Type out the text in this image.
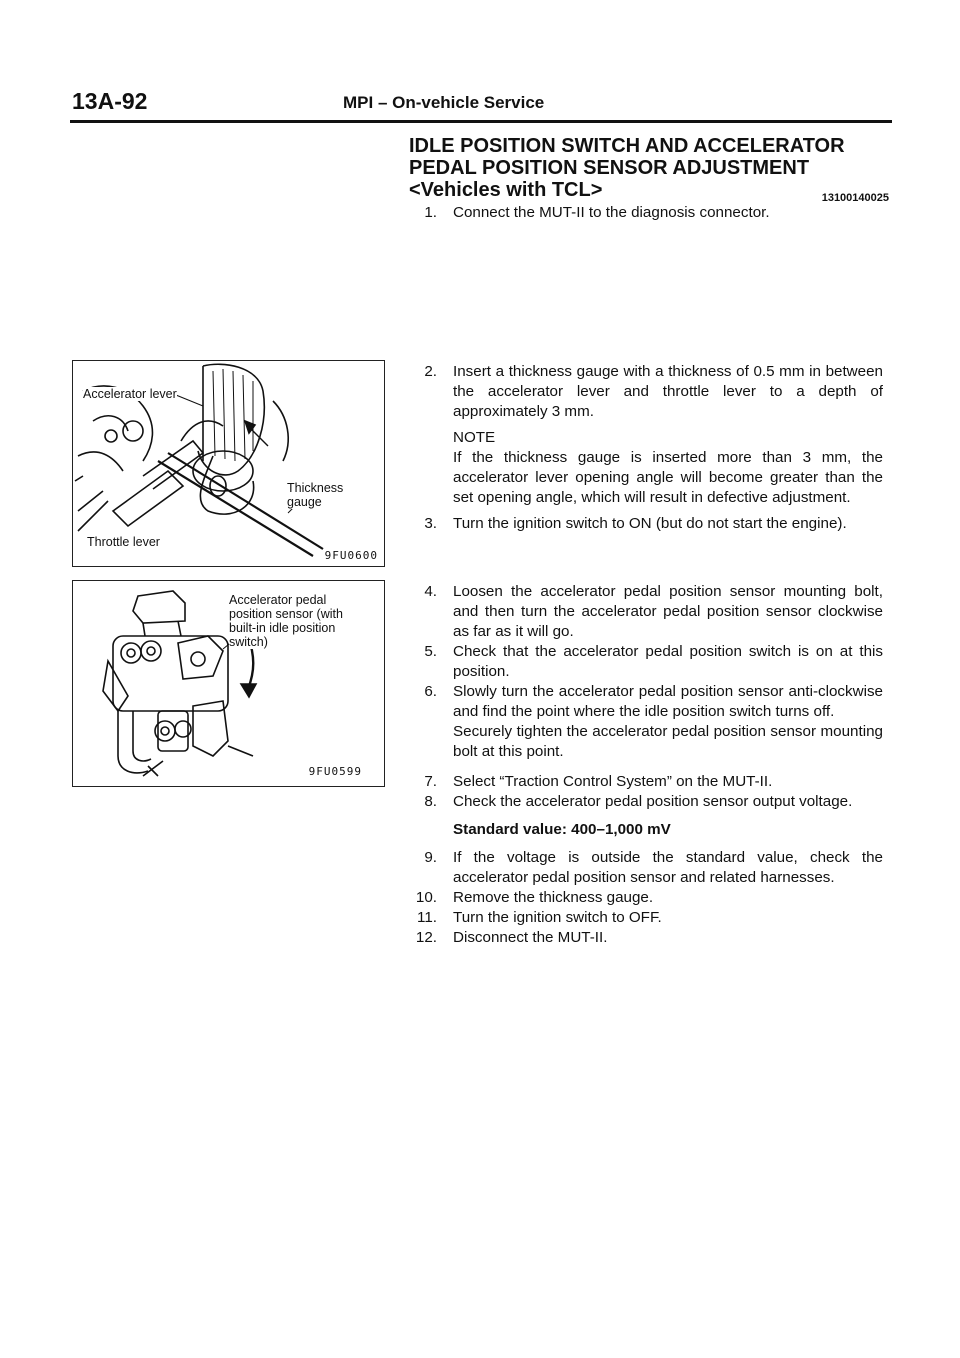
13A-92	MPI – On-vehicle Service
IDLE POSITION SWITCH AND ACCELERATOR
PEDAL POSITION SENSOR ADJUSTMENT
<Vehicles with TCL>	13100140025
1.	Connect the MUT-II to the diagnosis connector.
2.	Insert a thickness gauge with a thickness of 0.5 mm in between the accelerator lever and throttle lever to a depth of approximately 3 mm.
NOTE
If the thickness gauge is inserted more than 3 mm, the accelerator lever opening angle will become greater than the set opening angle, which will result in defective adjustment.
3.	Turn the ignition switch to ON (but do not start the engine).
4.	Loosen the accelerator pedal position sensor mounting bolt, and then turn the accelerator pedal position sensor clockwise as far as it will go.
5.	Check that the accelerator pedal position switch is on at this position.
6.	Slowly turn the accelerator pedal position sensor anti-clockwise and find the point where the idle position switch turns off.
Securely tighten the accelerator pedal position sensor mounting bolt at this point.
7.	Select “Traction Control System” on the MUT-II.
8.	Check the accelerator pedal position sensor output voltage.
Standard value: 400–1,000 mV
9.	If the voltage is outside the standard value, check the accelerator pedal position sensor and related harnesses.
10.	Remove the thickness gauge.
11.	Turn the ignition switch to OFF.
12.	Disconnect the MUT-II.
Accelerator lever
Thickness gauge
Throttle lever
9FU0600
Accelerator pedal position sensor (with built-in idle position switch)
9FU0599
